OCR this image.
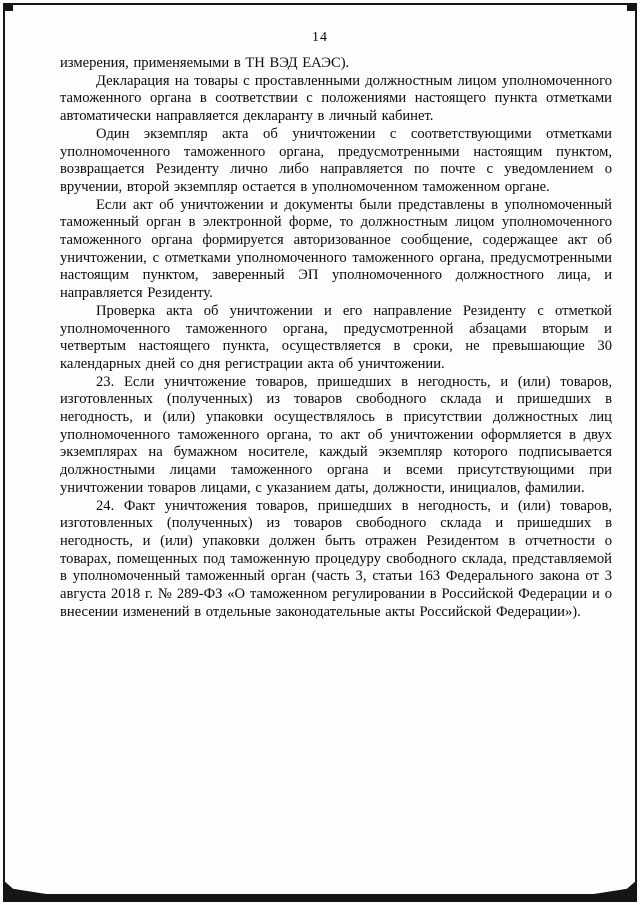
14

измерения, применяемыми в ТН ВЭД ЕАЭС).

Декларация на товары с проставленными должностным лицом уполномоченного таможенного органа в соответствии с положениями настоящего пункта отметками автоматически направляется декларанту в личный кабинет.

Один экземпляр акта об уничтожении с соответствующими отметками уполномоченного таможенного органа, предусмотренными настоящим пунктом, возвращается Резиденту лично либо направляется по почте с уведомлением о вручении, второй экземпляр остается в уполномоченном таможенном органе.

Если акт об уничтожении и документы были представлены в уполномоченный таможенный орган в электронной форме, то должностным лицом уполномоченного таможенного органа формируется авторизованное сообщение, содержащее акт об уничтожении, с отметками уполномоченного таможенного органа, предусмотренными настоящим пунктом, заверенный ЭП уполномоченного должностного лица, и направляется Резиденту.

Проверка акта об уничтожении и его направление Резиденту с отметкой уполномоченного таможенного органа, предусмотренной абзацами вторым и четвертым настоящего пункта, осуществляется в сроки, не превышающие 30 календарных дней со дня регистрации акта об уничтожении.

23. Если уничтожение товаров, пришедших в негодность, и (или) товаров, изготовленных (полученных) из товаров свободного склада и пришедших в негодность, и (или) упаковки осуществлялось в присутствии должностных лиц уполномоченного таможенного органа, то акт об уничтожении оформляется в двух экземплярах на бумажном носителе, каждый экземпляр которого подписывается должностными лицами таможенного органа и всеми присутствующими при уничтожении товаров лицами, с указанием даты, должности, инициалов, фамилии.

24. Факт уничтожения товаров, пришедших в негодность, и (или) товаров, изготовленных (полученных) из товаров свободного склада и пришедших в негодность, и (или) упаковки должен быть отражен Резидентом в отчетности о товарах, помещенных под таможенную процедуру свободного склада, представляемой в уполномоченный таможенный орган (часть 3, статьи 163 Федерального закона от 3 августа 2018 г. № 289-ФЗ «О таможенном регулировании в Российской Федерации и о внесении изменений в отдельные законодательные акты Российской Федерации»).
